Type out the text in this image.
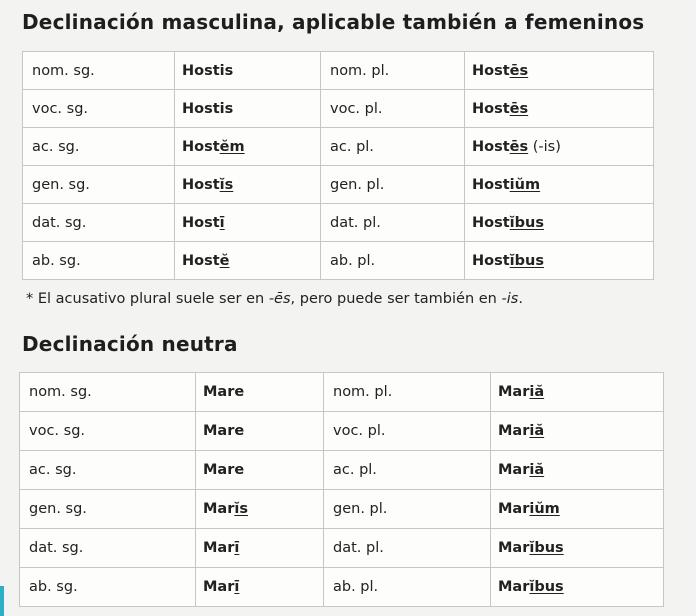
Declinación masculina, aplicable también a femeninos
nom. sg.	Hostis	nom. pl.	Hostēs
voc. sg.	Hostis	voc. pl.	Hostēs
ac. sg.	Hostĕm	ac. pl.	Hostēs (-is)
gen. sg.	Hostĭs	gen. pl.	Hostiŭm
dat. sg.	Hostī	dat. pl.	Hostĭbus
ab. sg.	Hostĕ	ab. pl.	Hostĭbus
* El acusativo plural suele ser en -ēs, pero puede ser también en -is.
Declinación neutra
nom. sg.	Mare	nom. pl.	Mariă
voc. sg.	Mare	voc. pl.	Mariă
ac. sg.	Mare	ac. pl.	Mariă
gen. sg.	Marĭs	gen. pl.	Mariŭm
dat. sg.	Marī	dat. pl.	Marĭbus
ab. sg.	Marī	ab. pl.	Marĭbus
